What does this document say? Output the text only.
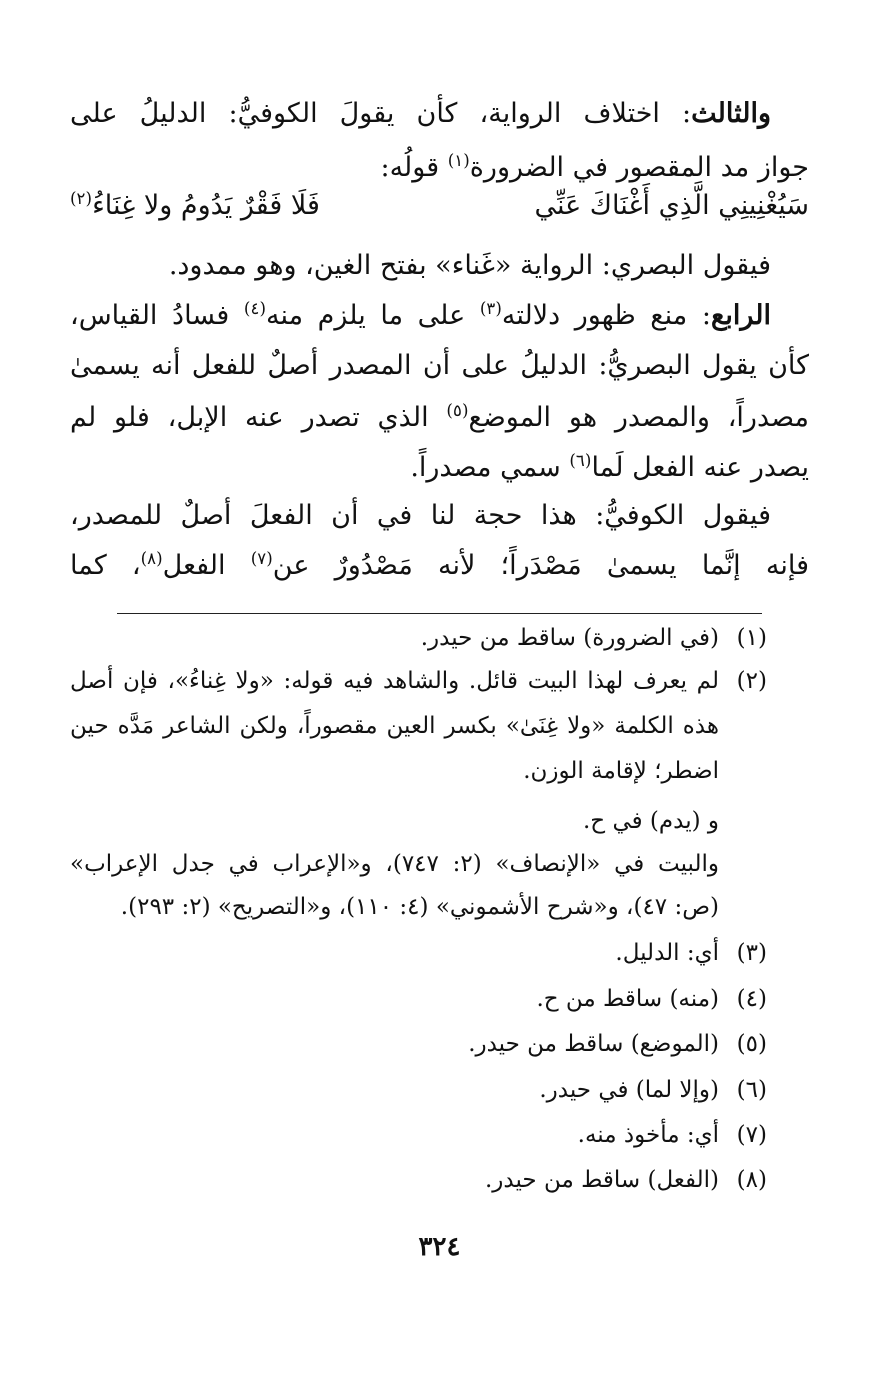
والثالث: اختلاف الرواية، كأن يقولَ الكوفيُّ: الدليلُ على
جواز مد المقصور في الضرورة$^{(١)}$ قولُه:
سَيُغْنِينِي الَّذِي أَغْنَاكَ عَنِّي
فَلَا فَقْرٌ يَدُومُ ولا غِنَاءُ$^{(٢)}$
فيقول البصري: الرواية «غَناء» بفتح الغين، وهو ممدود.
الرابع: منع ظهور دلالته$^{(٣)}$ على ما يلزم منه$^{(٤)}$ فسادُ القياس،
كأن يقول البصريُّ: الدليلُ على أن المصدر أصلٌ للفعل أنه يسمىٰ
مصدراً، والمصدر هو الموضع$^{(٥)}$ الذي تصدر عنه الإبل، فلو لم
يصدر عنه الفعل لَما$^{(٦)}$ سمي مصدراً.
فيقول الكوفيُّ: هذا حجة لنا في أن الفعلَ أصلٌ للمصدر،
فإنه إنَّما يسمىٰ مَصْدَراً؛ لأنه مَصْدُورٌ عن$^{(٧)}$ الفعل$^{(٨)}$، كما
(١)
(في الضرورة) ساقط من حيدر.
(٢)
لم يعرف لهذا البيت قائل. والشاهد فيه قوله: «ولا غِناءُ»، فإن أصل
هذه الكلمة «ولا غِنَىٰ» بكسر العين مقصوراً، ولكن الشاعر مَدَّه حين
اضطر؛ لإقامة الوزن.
و (يدم) في ح.
والبيت في «الإنصاف» (٢: ٧٤٧)، و«الإعراب في جدل الإعراب»
(ص: ٤٧)، و«شرح الأشموني» (٤: ١١٠)، و«التصريح» (٢: ٢٩٣).
(٣)
أي: الدليل.
(٤)
(منه) ساقط من ح.
(٥)
(الموضع) ساقط من حيدر.
(٦)
(وإلا لما) في حيدر.
(٧)
أي: مأخوذ منه.
(٨)
(الفعل) ساقط من حيدر.
٣٢٤
